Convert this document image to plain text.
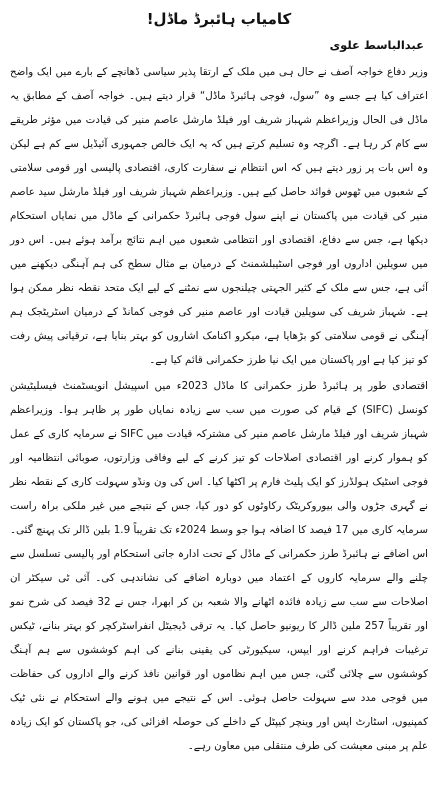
کامیاب ہائبرڈ ماڈل!
عبدالباسط علوی

وزیر دفاع خواجہ آصف نے حال ہی میں ملک کے ارتقا پذیر سیاسی ڈھانچے کے بارے میں ایک واضح اعتراف کیا ہے جسے وہ ”سول، فوجی ہائبرڈ ماڈل“ قرار دیتے ہیں۔ خواجہ آصف کے مطابق یہ ماڈل فی الحال وزیراعظم شہباز شریف اور فیلڈ مارشل عاصم منیر کی قیادت میں مؤثر طریقے سے کام کر رہا ہے۔ اگرچہ وہ تسلیم کرتے ہیں کہ یہ ایک خالص جمہوری آئیڈیل سے کم ہے لیکن وہ اس بات پر زور دیتے ہیں کہ اس انتظام نے سفارت کاری، اقتصادی پالیسی اور قومی سلامتی کے شعبوں میں ٹھوس فوائد حاصل کیے ہیں۔ وزیراعظم شہباز شریف اور فیلڈ مارشل سید عاصم منیر کی قیادت میں پاکستان نے اپنے سول فوجی ہائبرڈ حکمرانی کے ماڈل میں نمایاں استحکام دیکھا ہے، جس سے دفاع، اقتصادی اور انتظامی شعبوں میں اہم نتائج برآمد ہوئے ہیں۔ اس دور میں سویلین اداروں اور فوجی اسٹیبلشمنٹ کے درمیان بے مثال سطح کی ہم آہنگی دیکھنے میں آئی ہے، جس سے ملک کے کثیر الجہتی چیلنجوں سے نمٹنے کے لیے ایک متحد نقطہ نظر ممکن ہوا ہے۔ شہباز شریف کی سویلین قیادت اور عاصم منیر کی فوجی کمانڈ کے درمیان اسٹریٹجک ہم آہنگی نے قومی سلامتی کو بڑھایا ہے، میکرو اکنامک اشاروں کو بہتر بنایا ہے، ترقیاتی پیش رفت کو تیز کیا ہے اور پاکستان میں ایک نیا طرز حکمرانی قائم کیا ہے۔

اقتصادی طور پر ہائبرڈ طرز حکمرانی کا ماڈل 2023ء میں اسپیشل انویسٹمنٹ فیسلیٹیشن کونسل (SIFC) کے قیام کی صورت میں سب سے زیادہ نمایاں طور پر ظاہر ہوا۔ وزیراعظم شہباز شریف اور فیلڈ مارشل عاصم منیر کی مشترکہ قیادت میں SIFC نے سرمایہ کاری کے عمل کو ہموار کرنے اور اقتصادی اصلاحات کو تیز کرنے کے لیے وفاقی وزارتوں، صوبائی انتظامیہ اور فوجی اسٹیک ہولڈرز کو ایک پلیٹ فارم پر اکٹھا کیا۔ اس کی ون ونڈو سہولت کاری کے نقطہ نظر نے گہری جڑوں والی بیوروکریٹک رکاوٹوں کو دور کیا، جس کے نتیجے میں غیر ملکی براہ راست سرمایہ کاری میں 17 فیصد کا اضافہ ہوا جو وسط 2024ء تک تقریباً 1.9 بلین ڈالر تک پہنچ گئی۔ اس اضافے نے ہائبرڈ طرز حکمرانی کے ماڈل کے تحت ادارہ جاتی استحکام اور پالیسی تسلسل سے چلنے والے سرمایہ کاروں کے اعتماد میں دوبارہ اضافے کی نشاندہی کی۔ آئی ٹی سیکٹر ان اصلاحات سے سب سے زیادہ فائدہ اٹھانے والا شعبہ بن کر ابھرا، جس نے 32 فیصد کی شرح نمو اور تقریباً 257 ملین ڈالر کا ریونیو حاصل کیا۔ یہ ترقی ڈیجیٹل انفراسٹرکچر کو بہتر بنانے، ٹیکس ترغیبات فراہم کرنے اور ایپس، سیکیورٹی کی یقینی بنانے کی اہم کوششوں سے ہم آہنگ کوششوں سے چلائی گئی، جس میں اہم نظاموں اور قوانین نافذ کرنے والے اداروں کی حفاظت میں فوجی مدد سے سہولت حاصل ہوئی۔ اس کے نتیجے میں ہونے والے استحکام نے نئی ٹیک کمپنیوں، اسٹارٹ اپس اور وینچر کیپٹل کے داخلے کی حوصلہ افزائی کی، جو پاکستان کو ایک زیادہ علم پر مبنی معیشت کی طرف منتقلی میں معاون رہے۔
